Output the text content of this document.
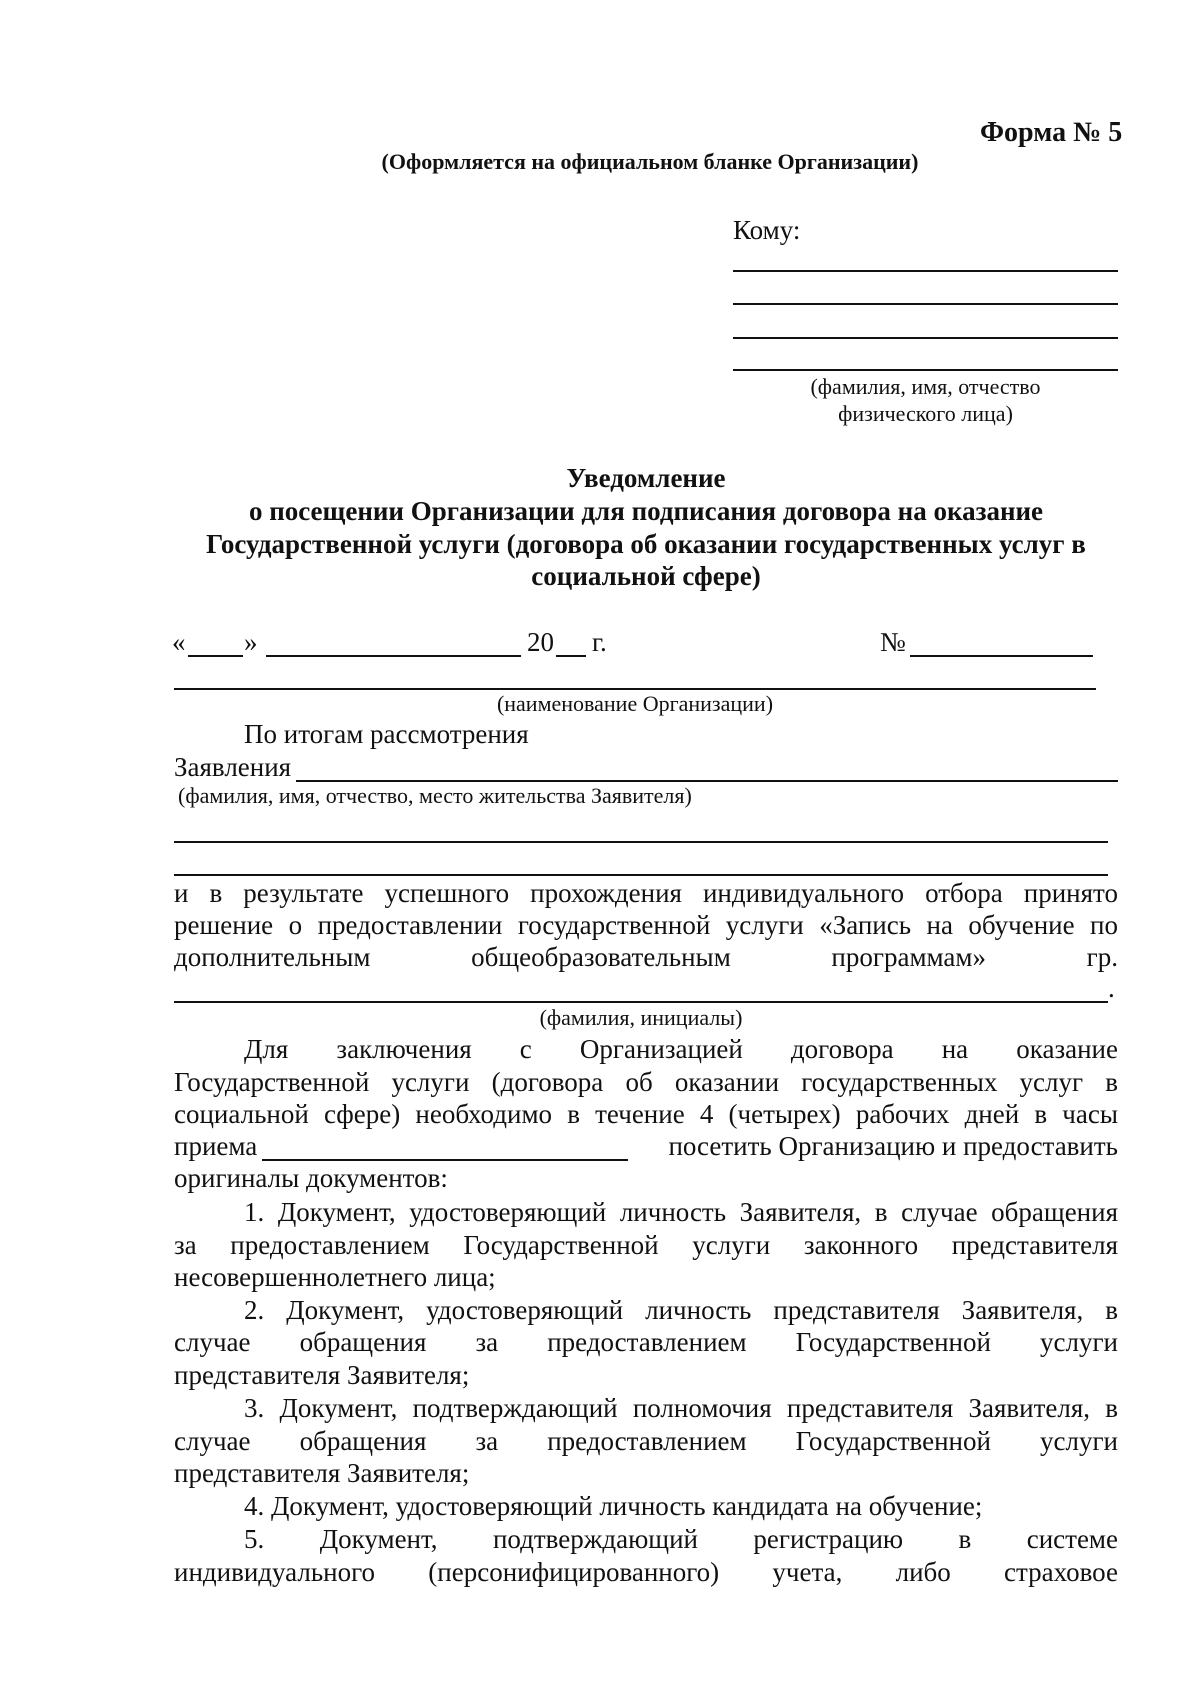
Форма № 5
(Оформляется на официальном бланке Организации)
Кому:
(фамилия, имя, отчество
физического лица)
Уведомление
о посещении Организации для подписания договора на оказание
Государственной услуги (договора об оказании государственных услуг в
социальной сфере)
« »	20 г.	№
(наименование Организации)
По итогам рассмотрения
Заявления
(фамилия, имя, отчество, место жительства Заявителя)
и в результате успешного прохождения индивидуального отбора принято
решение о предоставлении государственной услуги «Запись на обучение по
дополнительным общеобразовательным программам» гр.
.
(фамилия, инициалы)
Для заключения с Организацией договора на оказание
Государственной услуги (договора об оказании государственных услуг в
социальной сфере) необходимо в течение 4 (четырех) рабочих дней в часы
приема	посетить Организацию и предоставить
оригиналы документов:
1. Документ, удостоверяющий личность Заявителя, в случае обращения
за предоставлением Государственной услуги законного представителя
несовершеннолетнего лица;
2. Документ, удостоверяющий личность представителя Заявителя, в
случае обращения за предоставлением Государственной услуги
представителя Заявителя;
3. Документ, подтверждающий полномочия представителя Заявителя, в
случае обращения за предоставлением Государственной услуги
представителя Заявителя;
4. Документ, удостоверяющий личность кандидата на обучение;
5. Документ, подтверждающий регистрацию в системе
индивидуального (персонифицированного) учета, либо страховое
